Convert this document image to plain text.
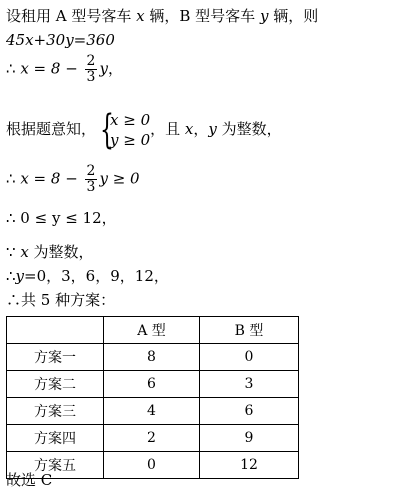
设租用 A 型号客车 x 辆，B 型号客车 y 辆，则
45x+30y=360
∴ $x = 8 - \frac{2}{3}$ y，
根据题意知， {
x ≥ 0
y ≥ 0
，且 x，y 为整数，
∴ $x = 8 - \frac{2}{3}$ y ≥ 0
∴ 0 ≤ y ≤ 12，
∵ x 为整数，
∴y=0，3，6，9，12，
∴共 5 种方案：
	A 型	B 型
方案一	8	0
方案二	6	3
方案三	4	6
方案四	2	9
方案五	0	12
故选 C
